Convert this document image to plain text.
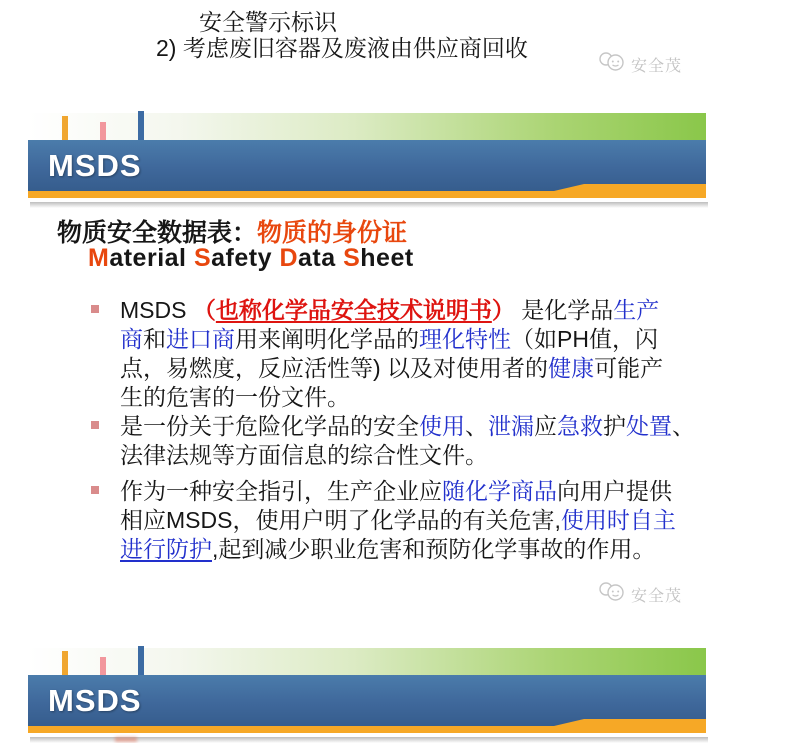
安全警示标识
2) 考虑废旧容器及废液由供应商回收
安全茂
MSDS
物质安全数据表：物质的身份证
Material Safety Data Sheet
MSDS （也称化学品安全技术说明书） 是化学品生产
商和进口商用来阐明化学品的理化特性（如PH值，闪
点，易燃度，反应活性等) 以及对使用者的健康可能产
生的危害的一份文件。
是一份关于危险化学品的安全使用、泄漏应急救护处置、
法律法规等方面信息的综合性文件。
作为一种安全指引，生产企业应随化学商品向用户提供
相应MSDS，使用户明了化学品的有关危害,使用时自主
进行防护,起到减少职业危害和预防化学事故的作用。
安全茂
MSDS
